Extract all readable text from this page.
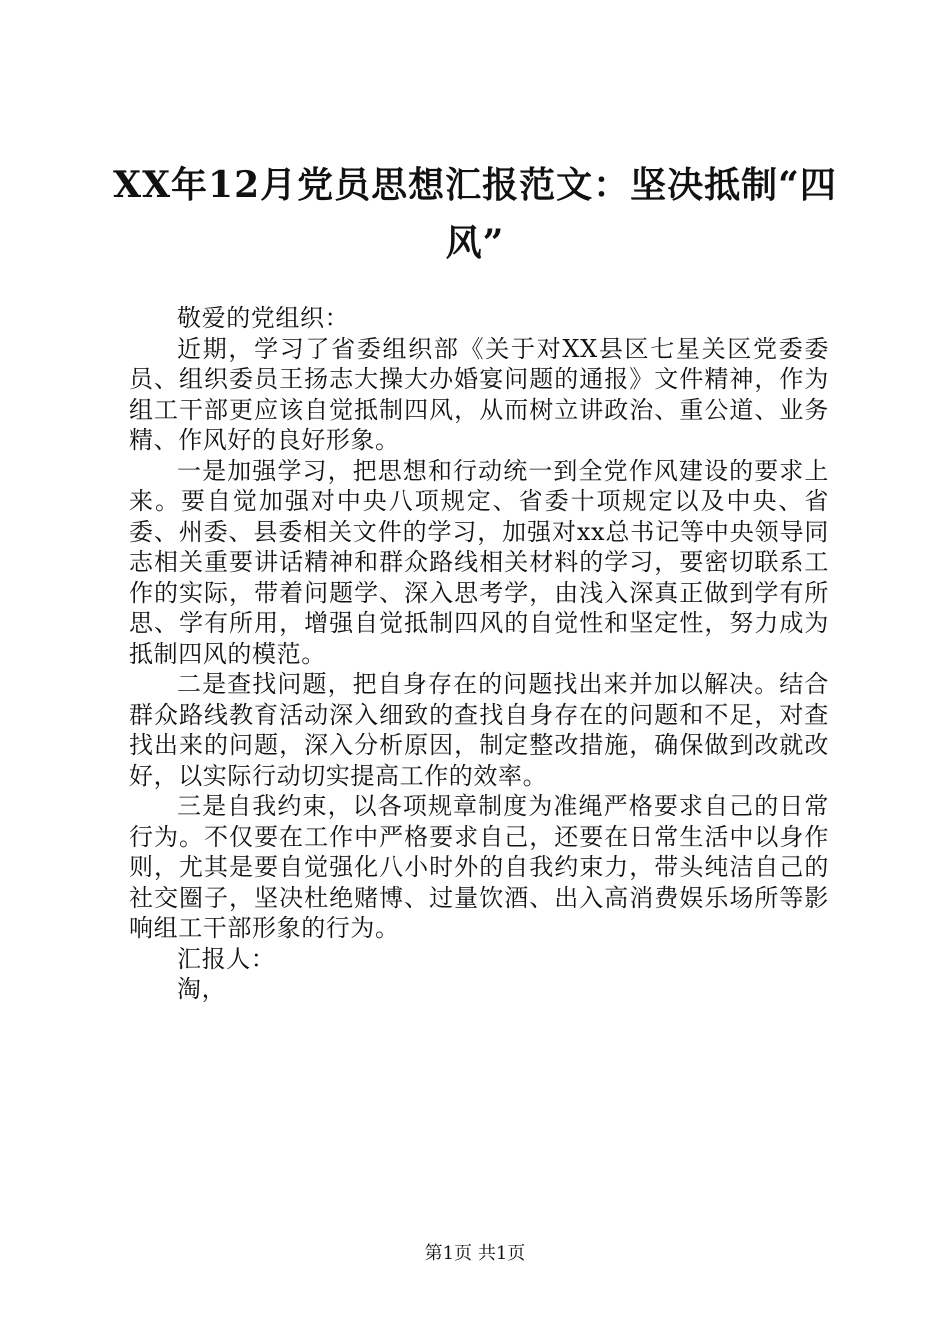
XX年12月党员思想汇报范文：坚决抵制“四风”

敬爱的党组织：

近期，学习了省委组织部《关于对XX县区七星关区党委委员、组织委员王扬志大操大办婚宴问题的通报》文件精神，作为组工干部更应该自觉抵制四风，从而树立讲政治、重公道、业务精、作风好的良好形象。

一是加强学习，把思想和行动统一到全党作风建设的要求上来。要自觉加强对中央八项规定、省委十项规定以及中央、省委、州委、县委相关文件的学习，加强对xx总书记等中央领导同志相关重要讲话精神和群众路线相关材料的学习，要密切联系工作的实际，带着问题学、深入思考学，由浅入深真正做到学有所思、学有所用，增强自觉抵制四风的自觉性和坚定性，努力成为抵制四风的模范。

二是查找问题，把自身存在的问题找出来并加以解决。结合群众路线教育活动深入细致的查找自身存在的问题和不足，对查找出来的问题，深入分析原因，制定整改措施，确保做到改就改好，以实际行动切实提高工作的效率。

三是自我约束，以各项规章制度为准绳严格要求自己的日常行为。不仅要在工作中严格要求自己，还要在日常生活中以身作则，尤其是要自觉强化八小时外的自我约束力，带头纯洁自己的社交圈子，坚决杜绝赌博、过量饮酒、出入高消费娱乐场所等影响组工干部形象的行为。

汇报人：

淘，

第1页 共1页
